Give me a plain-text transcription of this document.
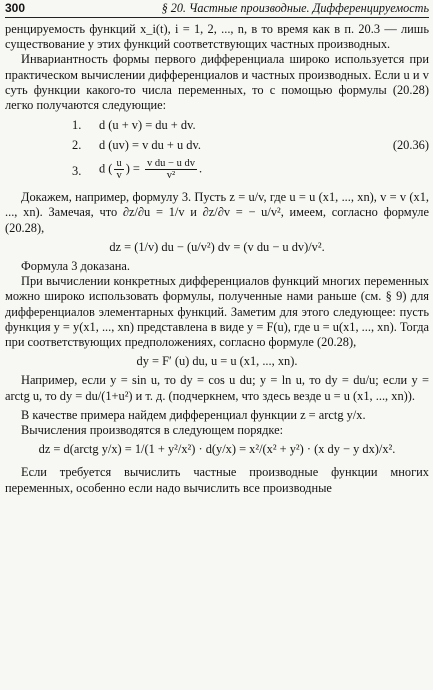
300	§ 20. Частные производные. Дифференцируемость

ренцируемость функций x_i(t), i = 1, 2, ..., n, в то время как в п. 20.3 — лишь существование у этих функций соответствующих частных производных.

Инвариантность формы первого дифференциала широко используется при практическом вычислении дифференциалов и частных производных. Если u и v суть функции какого-то числа переменных, то с помощью формулы (20.28) легко получаются следующие:

1. d (u + v) = du + dv.
2. d (uv) = v du + u dv.	(20.36)
3. d ( $\frac{u}{v}$ ) = $\frac{\text{v du − u dv}}{\text{v²}}$ .

Докажем, например, формулу 3. Пусть z = u/v, где u = u (x1, ..., xn), v = v (x1, ..., xn). Замечая, что ∂z/∂u = 1/v и ∂z/∂v = − u/v², имеем, согласно формуле (20.28),

dz = (1/v) du − (u/v²) dv = (v du − u dv)/v².

Формула 3 доказана.

При вычислении конкретных дифференциалов функций многих переменных можно широко использовать формулы, полученные нами раньше (см. § 9) для дифференциалов элементарных функций. Заметим для этого следующее: пусть функция y = y(x1, ..., xn) представлена в виде y = F(u), где u = u(x1, ..., xn). Тогда при соответствующих предположениях, согласно формуле (20.28),

dy = F′ (u) du, u = u (x1, ..., xn).

Например, если y = sin u, то dy = cos u du; y = ln u, то dy = du/u; если y = arctg u, то dy = du/(1+u²) и т. д. (подчеркнем, что здесь везде u = u (x1, ..., xn)).

В качестве примера найдем дифференциал функции z = arctg y/x.

Вычисления производятся в следующем порядке:

dz = d(arctg y/x) = 1/(1 + y²/x²) · d(y/x) = x²/(x² + y²) · (x dy − y dx)/x².

Если требуется вычислить частные производные функции многих переменных, особенно если надо вычислить все производные
